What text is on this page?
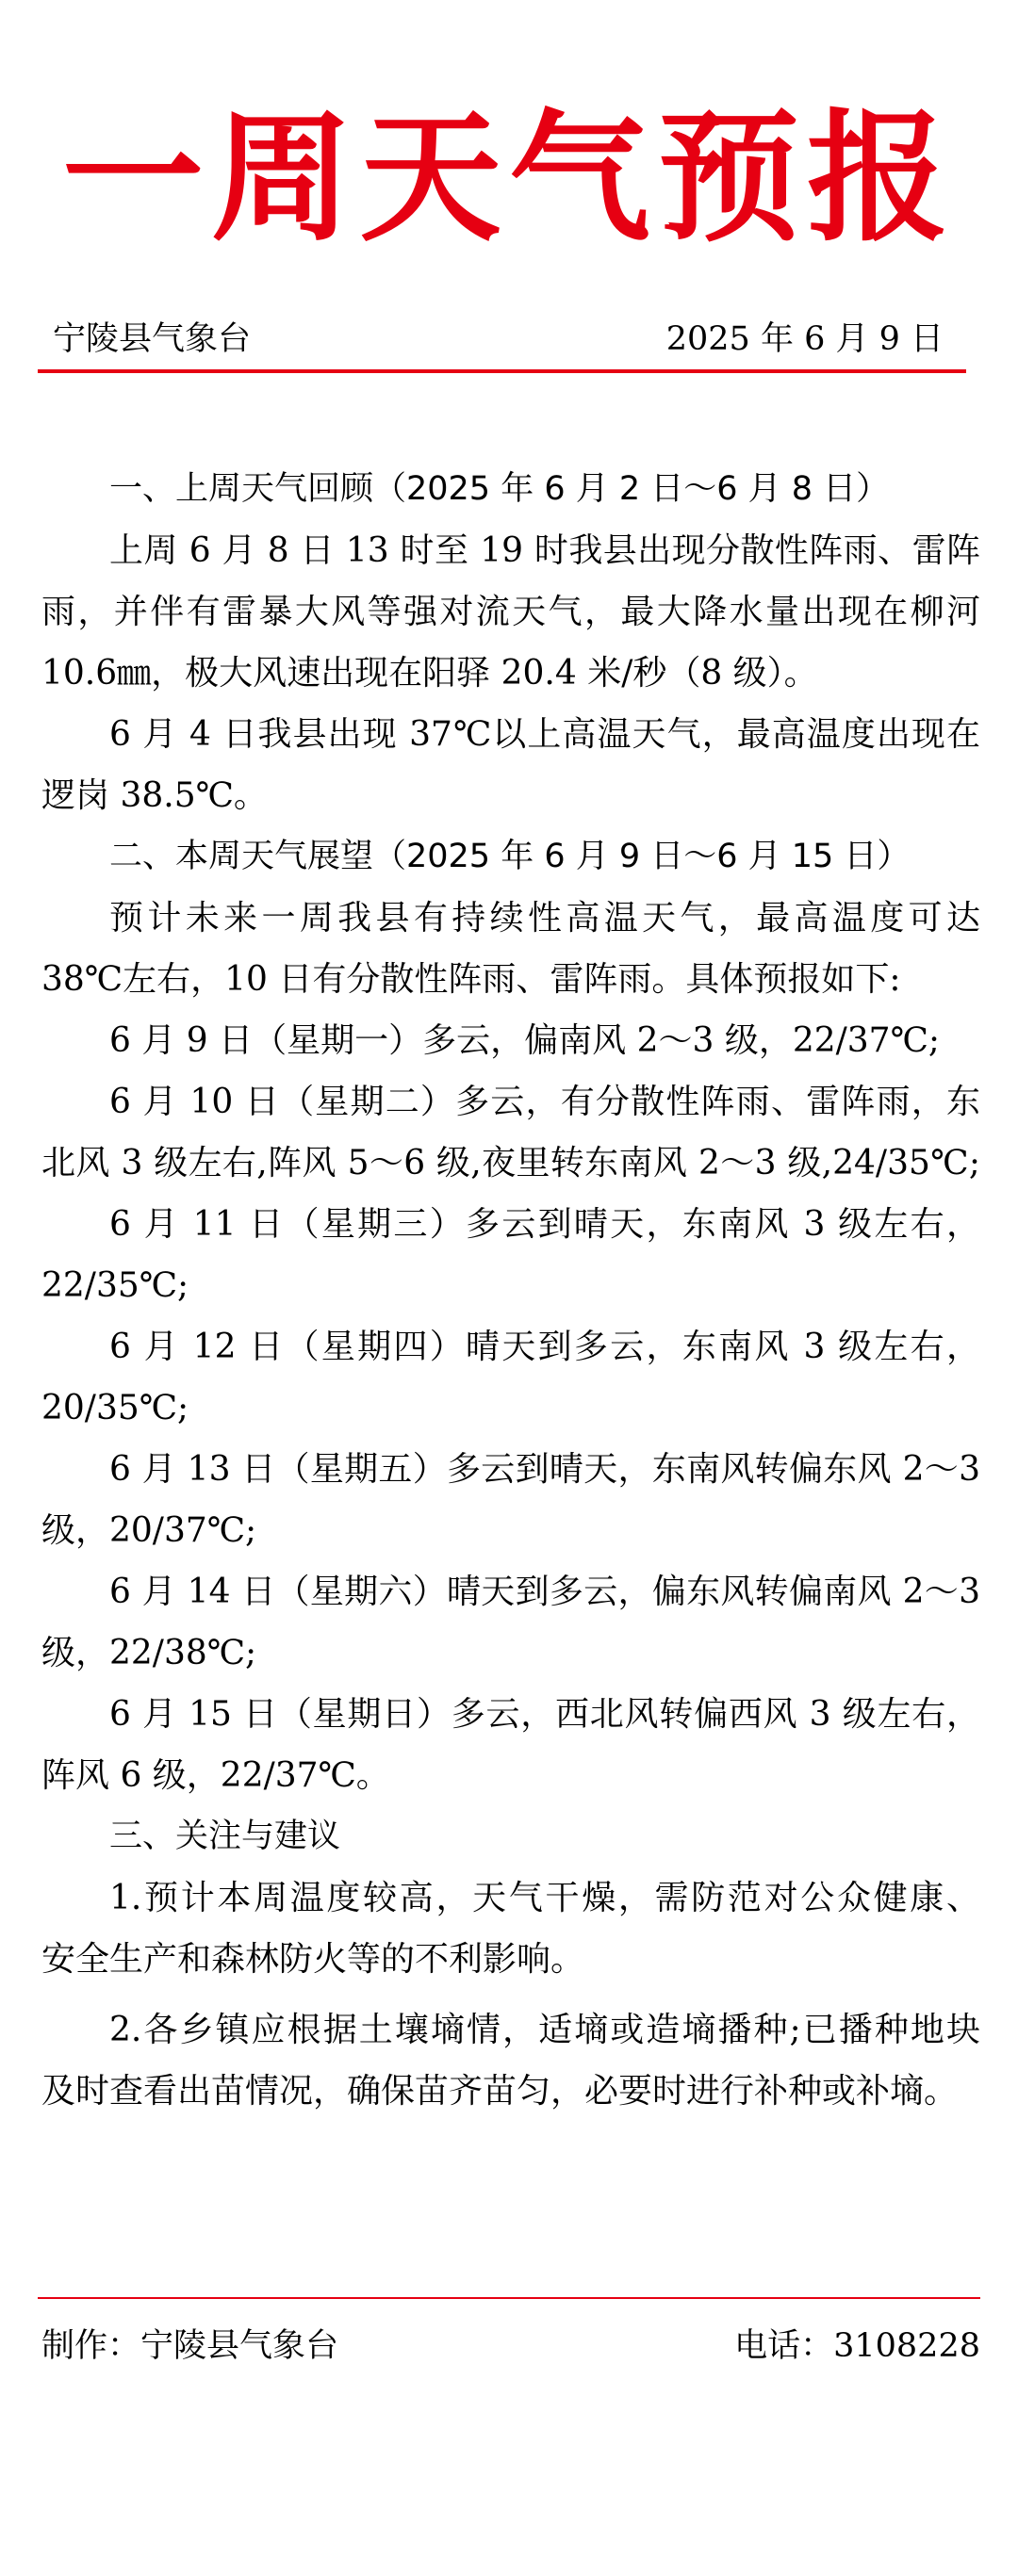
一周天气预报
宁陵县气象台	2025 年 6 月 9 日

一、上周天气回顾（2025 年 6 月 2 日～6 月 8 日）

上周 6 月 8 日 13 时至 19 时我县出现分散性阵雨、雷阵

雨，并伴有雷暴大风等强对流天气，最大降水量出现在柳河

10.6㎜，极大风速出现在阳驿 20.4 米/秒（8 级）。

6 月 4 日我县出现 37℃以上高温天气，最高温度出现在

逻岗 38.5℃。

二、本周天气展望（2025 年 6 月 9 日～6 月 15 日）

预计未来一周我县有持续性高温天气，最高温度可达

38℃左右，10 日有分散性阵雨、雷阵雨。具体预报如下:

6 月 9 日（星期一）多云，偏南风 2～3 级，22/37℃;

6 月 10 日（星期二）多云，有分散性阵雨、雷阵雨，东

北风 3 级左右,阵风 5～6 级,夜里转东南风 2～3 级,24/35℃;

6 月 11 日（星期三）多云到晴天，东南风 3 级左右，

22/35℃;

6 月 12 日（星期四）晴天到多云，东南风 3 级左右，

20/35℃;

6 月 13 日（星期五）多云到晴天，东南风转偏东风 2～3

级，20/37℃;

6 月 14 日（星期六）晴天到多云，偏东风转偏南风 2～3

级，22/38℃;

6 月 15 日（星期日）多云，西北风转偏西风 3 级左右，

阵风 6 级，22/37℃。

三、关注与建议

1.预计本周温度较高，天气干燥，需防范对公众健康、

安全生产和森林防火等的不利影响。

2.各乡镇应根据土壤墒情，适墒或造墒播种;已播种地块

及时查看出苗情况，确保苗齐苗匀，必要时进行补种或补墒。

制作：宁陵县气象台	电话：3108228
